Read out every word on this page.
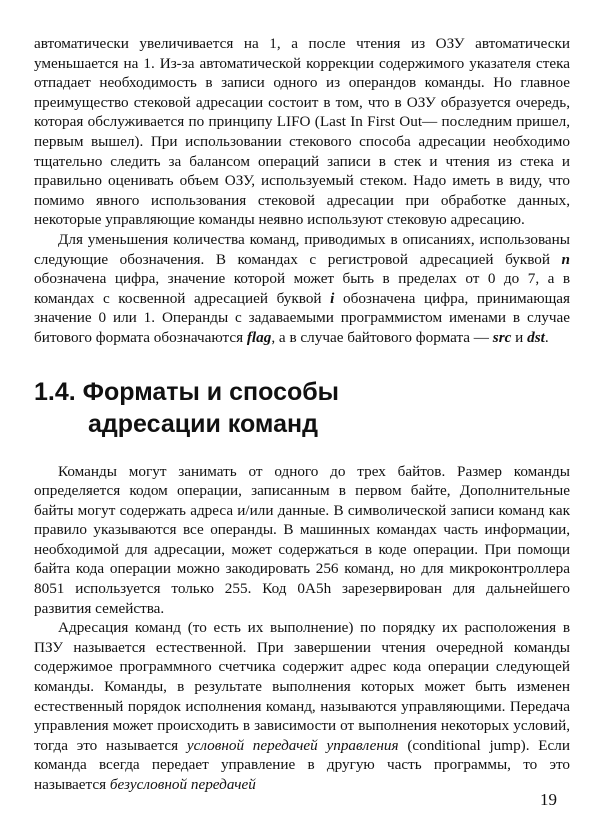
автоматически увеличивается на 1, а после чтения из ОЗУ автоматически уменьшается на 1. Из-за автоматической коррекции содержимого указателя стека отпадает необходимость в записи одного из операндов команды. Но главное преимущество стековой адресации состоит в том, что в ОЗУ образуется очередь, которая обслуживается по принципу LIFO (Last In First Out— последним пришел, первым вышел). При использовании стекового способа адресации необходимо тщательно следить за балансом операций записи в стек и чтения из стека и правильно оценивать объем ОЗУ, используемый стеком. Надо иметь в виду, что помимо явного использования стековой адресации при обработке данных, некоторые управляющие команды неявно используют стековую адресацию.

Для уменьшения количества команд, приводимых в описаниях, использованы следующие обозначения. В командах с регистровой адресацией буквой n обозначена цифра, значение которой может быть в пределах от 0 до 7, а в командах с косвенной адресацией буквой i обозначена цифра, принимающая значение 0 или 1. Операнды с задаваемыми программистом именами в случае битового формата обозначаются flag, а в случае байтового формата — src и dst.

1.4. Форматы и способы
адресации команд

Команды могут занимать от одного до трех байтов. Размер команды определяется кодом операции, записанным в первом байте, Дополнительные байты могут содержать адреса и/или данные. В символической записи команд как правило указываются все операнды. В машинных командах часть информации, необходимой для адресации, может содержаться в коде операции. При помощи байта кода операции можно закодировать 256 команд, но для микроконтроллера 8051 используется только 255. Код 0A5h зарезервирован для дальнейшего развития семейства.

Адресация команд (то есть их выполнение) по порядку их расположения в ПЗУ называется естественной. При завершении чтения очередной команды содержимое программного счетчика содержит адрес кода операции следующей команды. Команды, в результате выполнения которых может быть изменен естественный порядок исполнения команд, называются управляющими. Передача управления может происходить в зависимости от выполнения некоторых условий, тогда это называется условной передачей управления (conditional jump). Если команда всегда передает управление в другую часть программы, то это называется безусловной передачей

19
